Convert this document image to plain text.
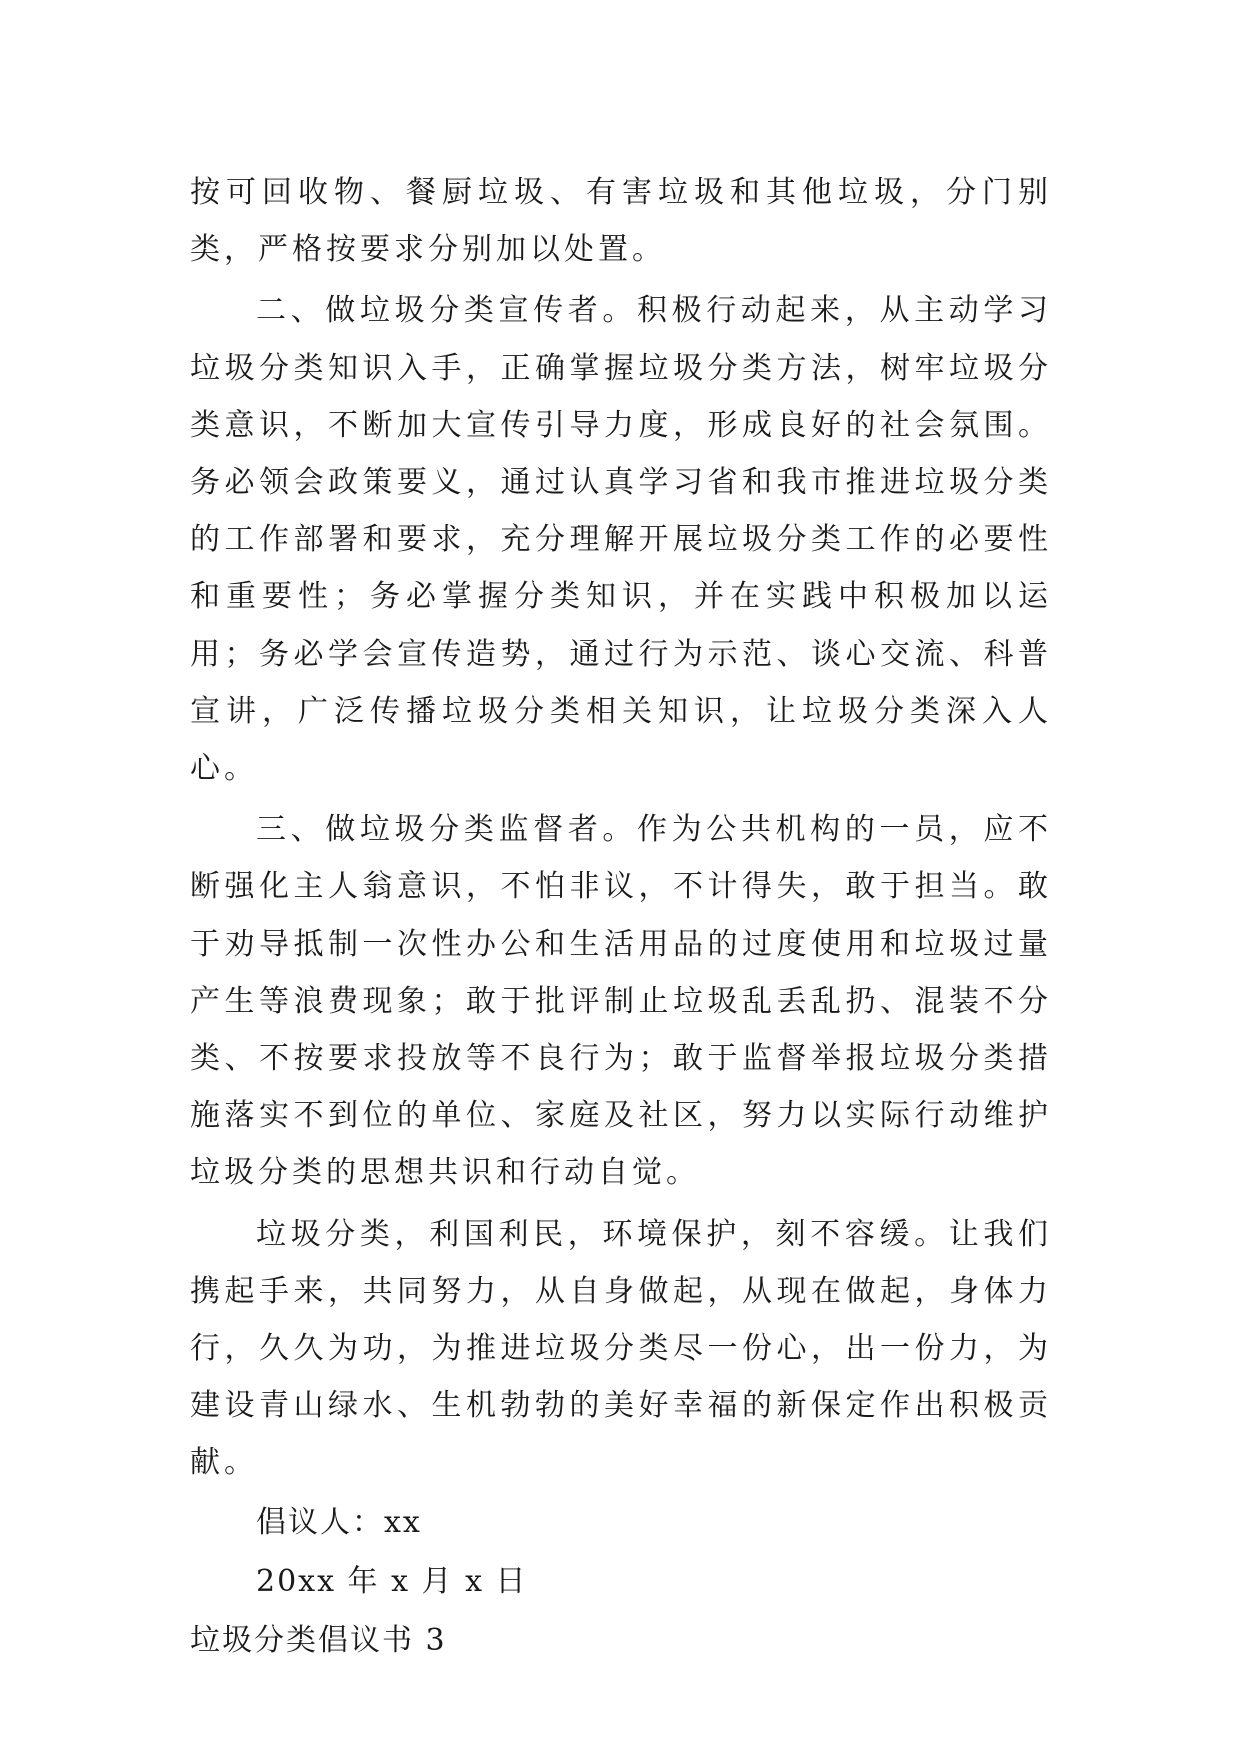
按可回收物、餐厨垃圾、有害垃圾和其他垃圾，分门别类，严格按要求分别加以处置。

二、做垃圾分类宣传者。积极行动起来，从主动学习垃圾分类知识入手，正确掌握垃圾分类方法，树牢垃圾分类意识，不断加大宣传引导力度，形成良好的社会氛围。务必领会政策要义，通过认真学习省和我市推进垃圾分类的工作部署和要求，充分理解开展垃圾分类工作的必要性和重要性；务必掌握分类知识，并在实践中积极加以运用；务必学会宣传造势，通过行为示范、谈心交流、科普宣讲，广泛传播垃圾分类相关知识，让垃圾分类深入人心。

三、做垃圾分类监督者。作为公共机构的一员，应不断强化主人翁意识，不怕非议，不计得失，敢于担当。敢于劝导抵制一次性办公和生活用品的过度使用和垃圾过量产生等浪费现象；敢于批评制止垃圾乱丢乱扔、混装不分类、不按要求投放等不良行为；敢于监督举报垃圾分类措施落实不到位的单位、家庭及社区，努力以实际行动维护垃圾分类的思想共识和行动自觉。

垃圾分类，利国利民，环境保护，刻不容缓。让我们携起手来，共同努力，从自身做起，从现在做起，身体力行，久久为功，为推进垃圾分类尽一份心，出一份力，为建设青山绿水、生机勃勃的美好幸福的新保定作出积极贡献。

倡议人：xx

20xx 年 x 月 x 日

垃圾分类倡议书 3
